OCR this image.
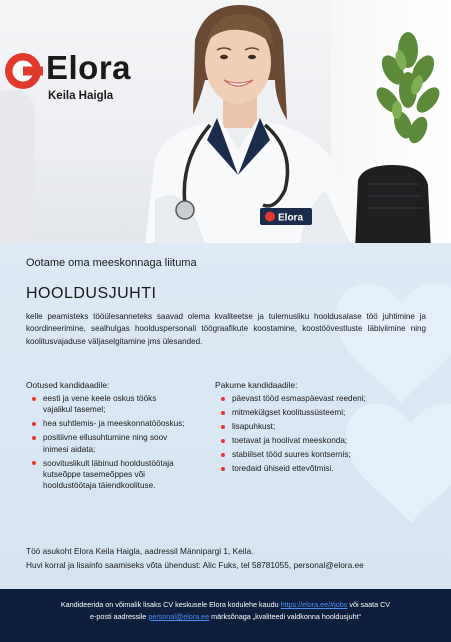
Elora
Elora
Keila Haigla
Ootame oma meeskonnaga liituma
HOOLDUSJUHTI
kelle peamisteks tööülesanneteks saavad olema kvaliteetse ja tulemusliku hooldusalase töö juhtimine ja koordineerimine, sealhulgas hoolduspersonali töögraafikute koostamine, koostöövestluste läbiviimine ning koolitusvajaduse väljaselgitamine jms ülesanded.
Ootused kandidaadile:
eesti ja vene keele oskus tööks vajalikul tasemel;
hea suhtlemis- ja meeskonnatööoskus;
positiivne ellusuhtumine ning soov inimesi aidata;
soovituslikult läbinud hooldustöötaja kutseõppe tasemeõppes või hooldustöötaja täiendkoolituse.
Pakume kandidaadile:
päevast tööd esmaspäevast reedeni;
mitmekülgset koolitussüsteemi;
lisapuhkust;
toetavat ja hoolivat meeskonda;
stabiilset tööd suures kontsernis;
toredaid ühiseid ettevõtmisi.
Töö asukoht Elora Keila Haigla, aadressil Männipargi 1, Keila.
Huvi korral ja lisainfo saamiseks võta ühendust: Alic Fuks, tel 58781055, personal@elora.ee
Kandideerida on võimalik lisaks CV keskusele Elora kodulehe kaudu https://elora.ee/#jobs või saata CV
e-posti aadressile personal@elora.ee märksõnaga „kvaliteedi valdkonna hooldusjuht“
